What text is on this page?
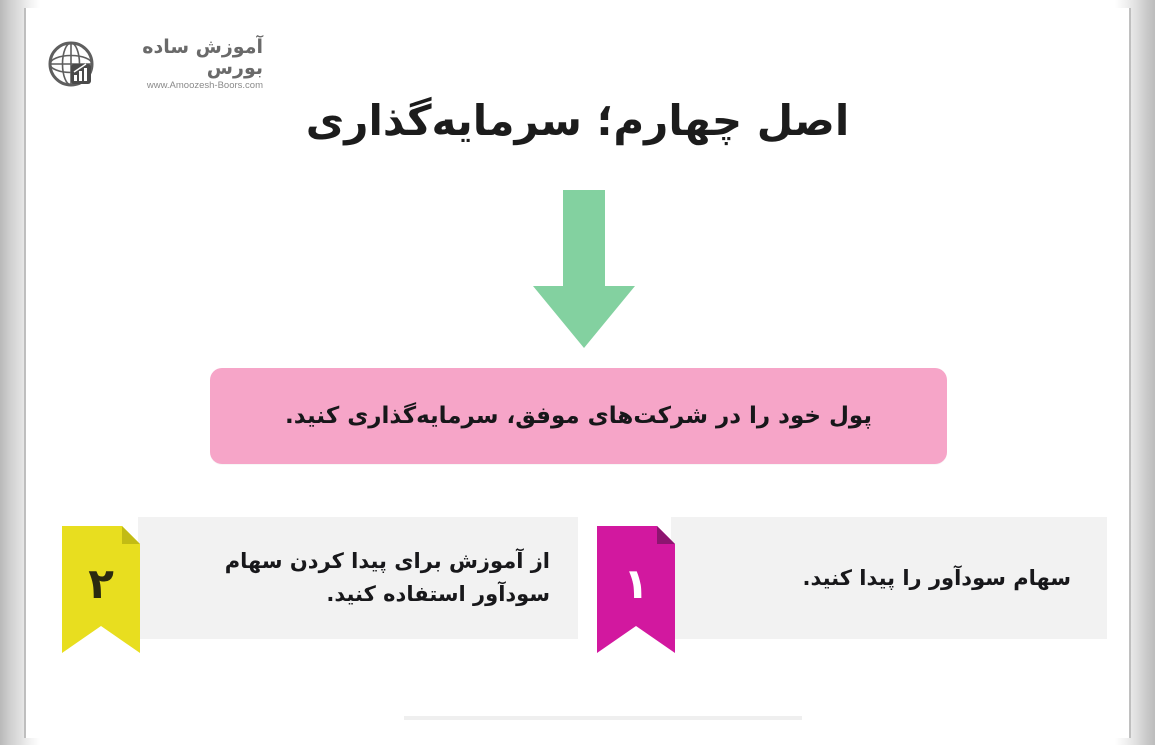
آموزش ساده بورس
www.Amoozesh-Boors.com
اصل چهارم؛ سرمایه‌گذاری
پول خود را در شرکت‌های موفق، سرمایه‌گذاری کنید.
سهام سودآور را پیدا کنید.
۱
از آموزش برای پیدا کردن سهام سودآور استفاده کنید.
۲
